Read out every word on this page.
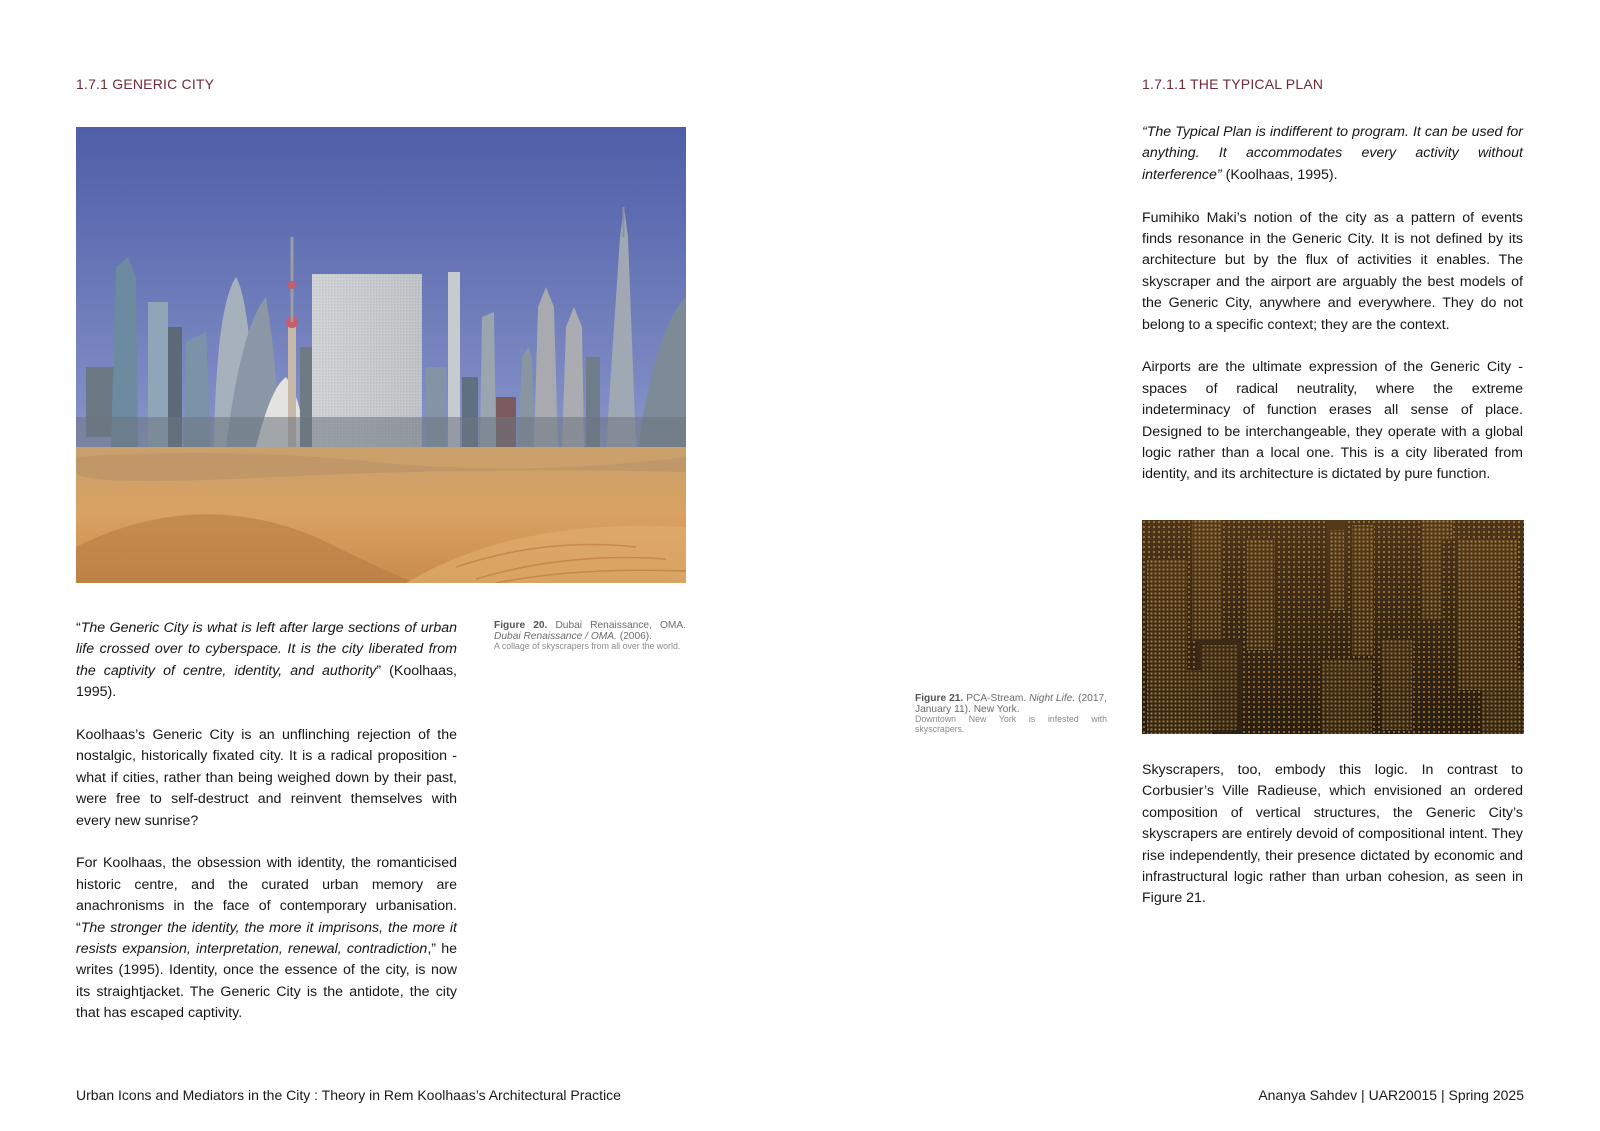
1.7.1 GENERIC CITY

“The Generic City is what is left after large sections of urban life crossed over to cyberspace. It is the city liberated from the captivity of centre, identity, and authority” (Koolhaas, 1995).

Koolhaas’s Generic City is an unflinching rejection of the nostalgic, historically fixated city. It is a radical proposition - what if cities, rather than being weighed down by their past, were free to self-destruct and reinvent themselves with every new sunrise?

For Koolhaas, the obsession with identity, the romanticised historic centre, and the curated urban memory are anachronisms in the face of contemporary urbanisation. “The stronger the identity, the more it imprisons, the more it resists expansion, interpretation, renewal, contradiction,” he writes (1995). Identity, once the essence of the city, is now its straightjacket. The Generic City is the antidote, the city that has escaped captivity.

Figure 20. Dubai Renaissance, OMA. Dubai Renaissance / OMA. (2006).
A collage of skyscrapers from all over the world.
1.7.1.1 THE TYPICAL PLAN

“The Typical Plan is indifferent to program. It can be used for anything. It accommodates every activity without interference” (Koolhaas, 1995).

Fumihiko Maki’s notion of the city as a pattern of events finds resonance in the Generic City. It is not defined by its architecture but by the flux of activities it enables. The skyscraper and the airport are arguably the best models of the Generic City, anywhere and everywhere. They do not belong to a specific context; they are the context.

Airports are the ultimate expression of the Generic City - spaces of radical neutrality, where the extreme indeterminacy of function erases all sense of place. Designed to be interchangeable, they operate with a global logic rather than a local one. This is a city liberated from identity, and its architecture is dictated by pure function.

Figure 21. PCA-Stream. Night Life. (2017, January 11). New York.
Downtown New York is infested with skyscrapers.

Skyscrapers, too, embody this logic. In contrast to Corbusier’s Ville Radieuse, which envisioned an ordered composition of vertical structures, the Generic City’s skyscrapers are entirely devoid of compositional intent. They rise independently, their presence dictated by economic and infrastructural logic rather than urban cohesion, as seen in Figure 21.

Urban Icons and Mediators in the City : Theory in Rem Koolhaas’s Architectural Practice	Ananya Sahdev | UAR20015 | Spring 2025
